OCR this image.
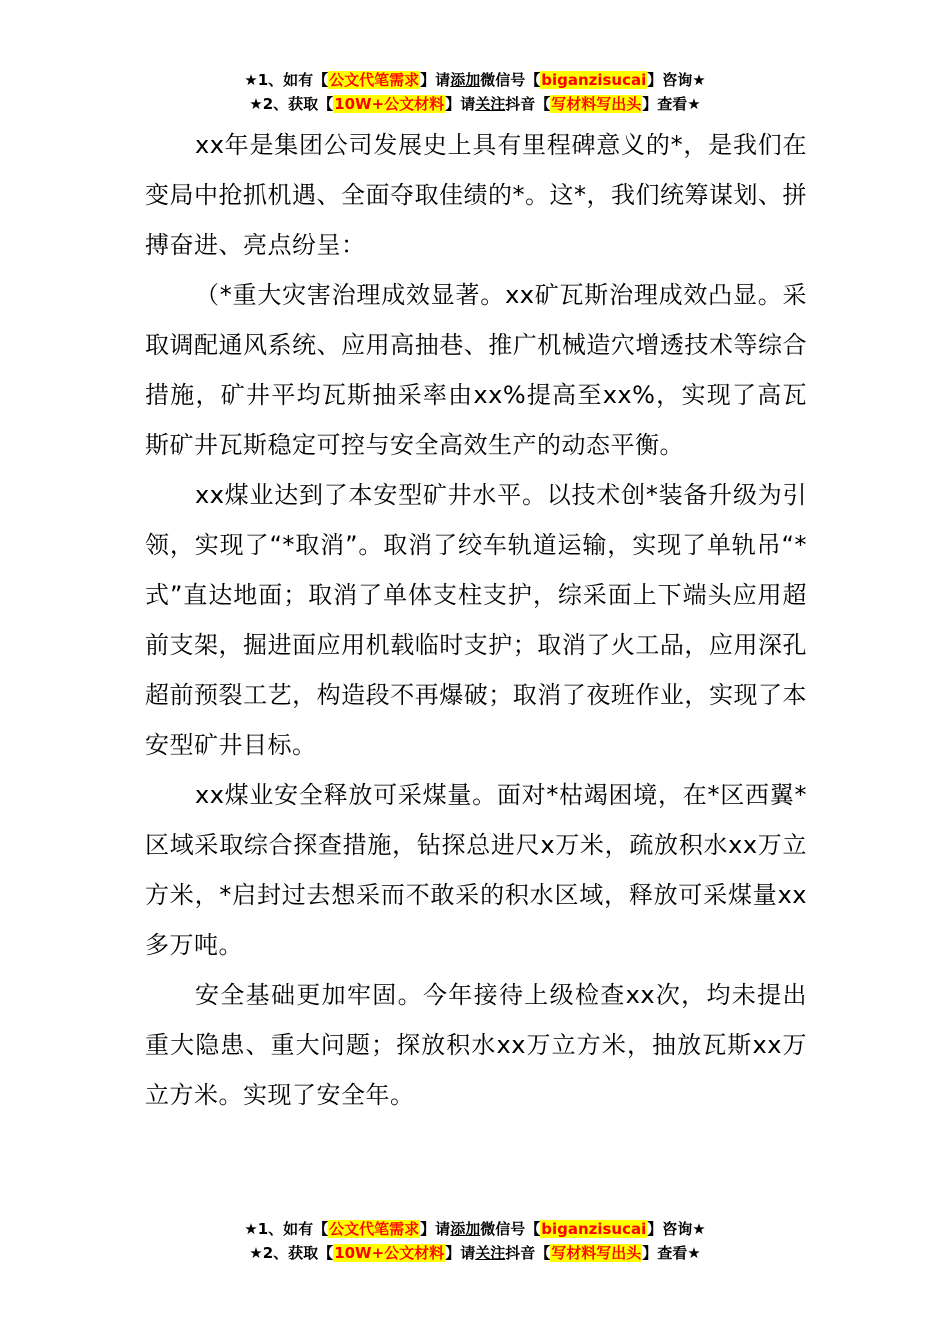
★1、如有【公文代笔需求】请添加微信号【biganzisucai】咨询★
★2、获取【10W+公文材料】请关注抖音【写材料写出头】查看★

xx年是集团公司发展史上具有里程碑意义的*，是我们在变局中抢抓机遇、全面夺取佳绩的*。这*，我们统筹谋划、拼搏奋进、亮点纷呈：

（*重大灾害治理成效显著。xx矿瓦斯治理成效凸显。采取调配通风系统、应用高抽巷、推广机械造穴增透技术等综合措施，矿井平均瓦斯抽采率由xx%提高至xx%，实现了高瓦斯矿井瓦斯稳定可控与安全高效生产的动态平衡。

xx煤业达到了本安型矿井水平。以技术创*装备升级为引领，实现了“*取消”。取消了绞车轨道运输，实现了单轨吊“*式”直达地面；取消了单体支柱支护，综采面上下端头应用超前支架，掘进面应用机载临时支护；取消了火工品，应用深孔超前预裂工艺，构造段不再爆破；取消了夜班作业，实现了本安型矿井目标。

xx煤业安全释放可采煤量。面对*枯竭困境，在*区西翼*区域采取综合探查措施，钻探总进尺x万米，疏放积水xx万立方米，*启封过去想采而不敢采的积水区域，释放可采煤量xx多万吨。

安全基础更加牢固。今年接待上级检查xx次，均未提出重大隐患、重大问题；探放积水xx万立方米，抽放瓦斯xx万立方米。实现了安全年。

★1、如有【公文代笔需求】请添加微信号【biganzisucai】咨询★
★2、获取【10W+公文材料】请关注抖音【写材料写出头】查看★
